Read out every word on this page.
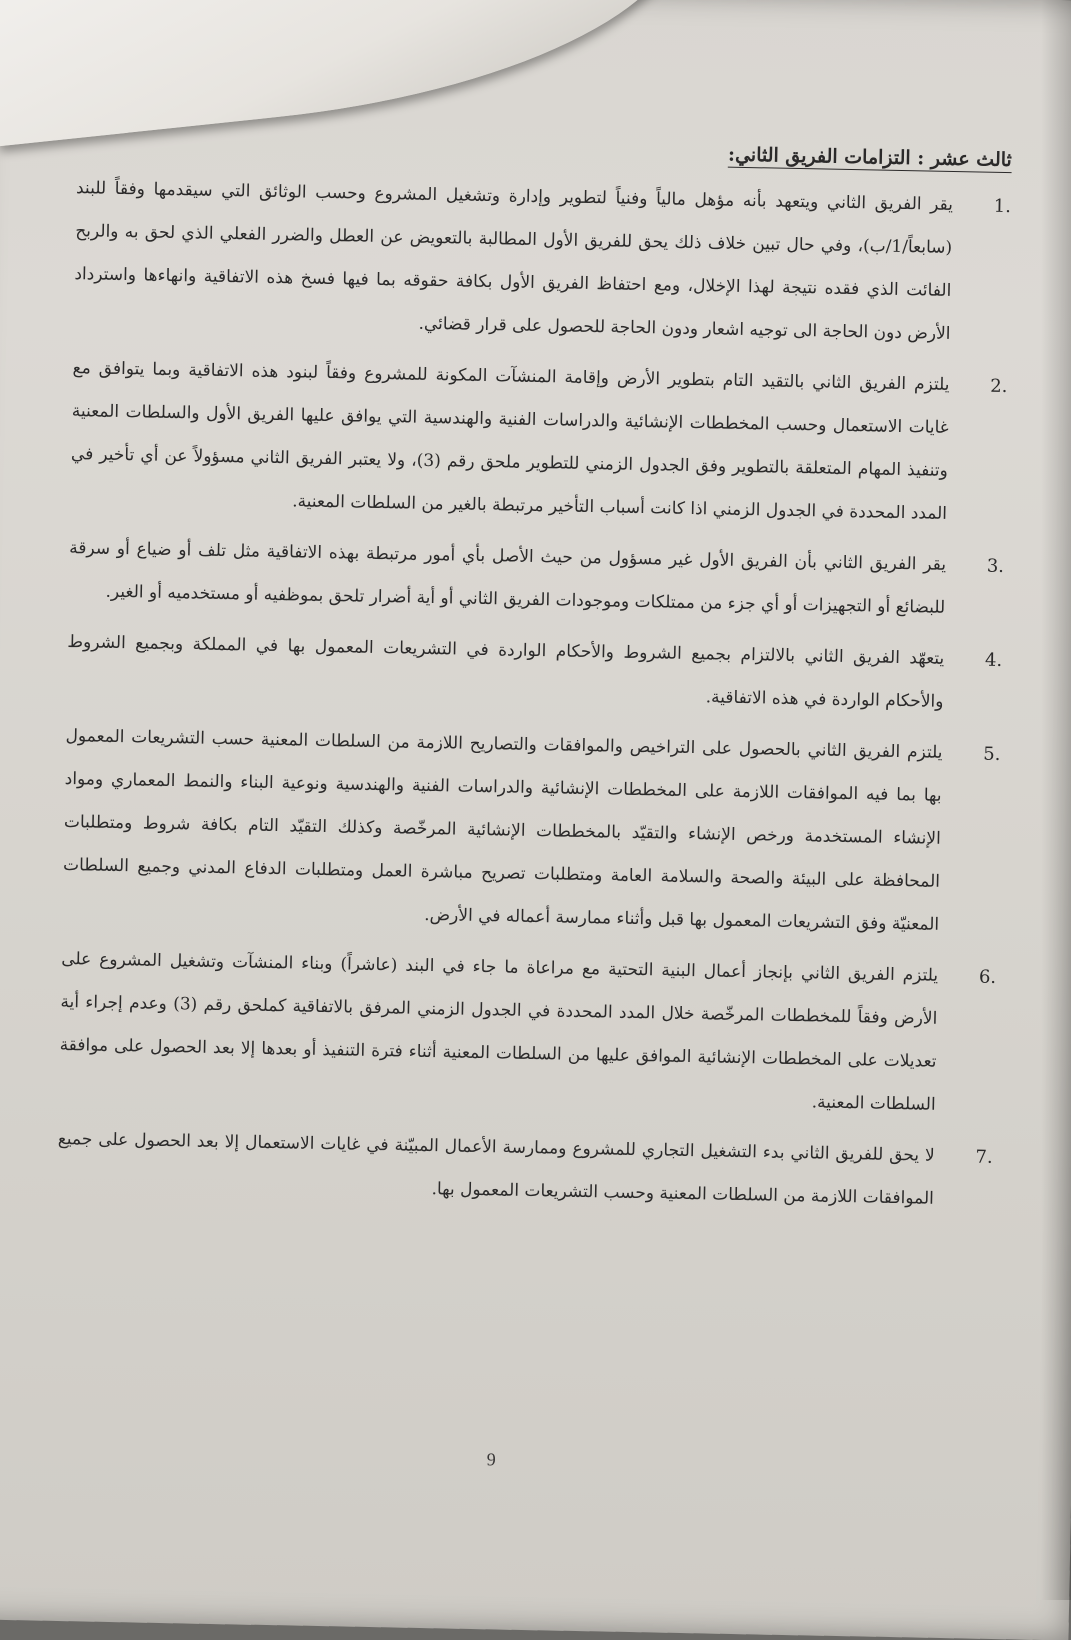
ثالث عشر : التزامات الفريق الثاني:
.1
يقر الفريق الثاني ويتعهد بأنه مؤهل مالياً وفنياً لتطوير وإدارة وتشغيل المشروع وحسب الوثائق التي سيقدمها وفقاً للبند (سابعاً/1/ب)، وفي حال تبين خلاف ذلك يحق للفريق الأول المطالبة بالتعويض عن العطل والضرر الفعلي الذي لحق به والربح الفائت الذي فقده نتيجة لهذا الإخلال، ومع احتفاظ الفريق الأول بكافة حقوقه بما فيها فسخ هذه الاتفاقية وانهاءها واسترداد الأرض دون الحاجة الى توجيه اشعار ودون الحاجة للحصول على قرار قضائي.
.2
يلتزم الفريق الثاني بالتقيد التام بتطوير الأرض وإقامة المنشآت المكونة للمشروع وفقاً لبنود هذه الاتفاقية وبما يتوافق مع غايات الاستعمال وحسب المخططات الإنشائية والدراسات الفنية والهندسية التي يوافق عليها الفريق الأول والسلطات المعنية وتنفيذ المهام المتعلقة بالتطوير وفق الجدول الزمني للتطوير ملحق رقم (3)، ولا يعتبر الفريق الثاني مسؤولاً عن أي تأخير في المدد المحددة في الجدول الزمني اذا كانت أسباب التأخير مرتبطة بالغير من السلطات المعنية.
.3
يقر الفريق الثاني بأن الفريق الأول غير مسؤول من حيث الأصل بأي أمور مرتبطة بهذه الاتفاقية مثل تلف أو ضياع أو سرقة للبضائع أو التجهيزات أو أي جزء من ممتلكات وموجودات الفريق الثاني أو أية أضرار تلحق بموظفيه أو مستخدميه أو الغير.
.4
يتعهّد الفريق الثاني بالالتزام بجميع الشروط والأحكام الواردة في التشريعات المعمول بها في المملكة وبجميع الشروط والأحكام الواردة في هذه الاتفاقية.
.5
يلتزم الفريق الثاني بالحصول على التراخيص والموافقات والتصاريح اللازمة من السلطات المعنية حسب التشريعات المعمول بها بما فيه الموافقات اللازمة على المخططات الإنشائية والدراسات الفنية والهندسية ونوعية البناء والنمط المعماري ومواد الإنشاء المستخدمة ورخص الإنشاء والتقيّد بالمخططات الإنشائية المرخّصة وكذلك التقيّد التام بكافة شروط ومتطلبات المحافظة على البيئة والصحة والسلامة العامة ومتطلبات تصريح مباشرة العمل ومتطلبات الدفاع المدني وجميع السلطات المعنيّة وفق التشريعات المعمول بها قبل وأثناء ممارسة أعماله في الأرض.
.6
يلتزم الفريق الثاني بإنجاز أعمال البنية التحتية مع مراعاة ما جاء في البند (عاشراً) وبناء المنشآت وتشغيل المشروع على الأرض وفقاً للمخططات المرخّصة خلال المدد المحددة في الجدول الزمني المرفق بالاتفاقية كملحق رقم (3) وعدم إجراء أية تعديلات على المخططات الإنشائية الموافق عليها من السلطات المعنية أثناء فترة التنفيذ أو بعدها إلا بعد الحصول على موافقة السلطات المعنية.
.7
لا يحق للفريق الثاني بدء التشغيل التجاري للمشروع وممارسة الأعمال المبيّنة في غايات الاستعمال إلا بعد الحصول على جميع الموافقات اللازمة من السلطات المعنية وحسب التشريعات المعمول بها.
9
